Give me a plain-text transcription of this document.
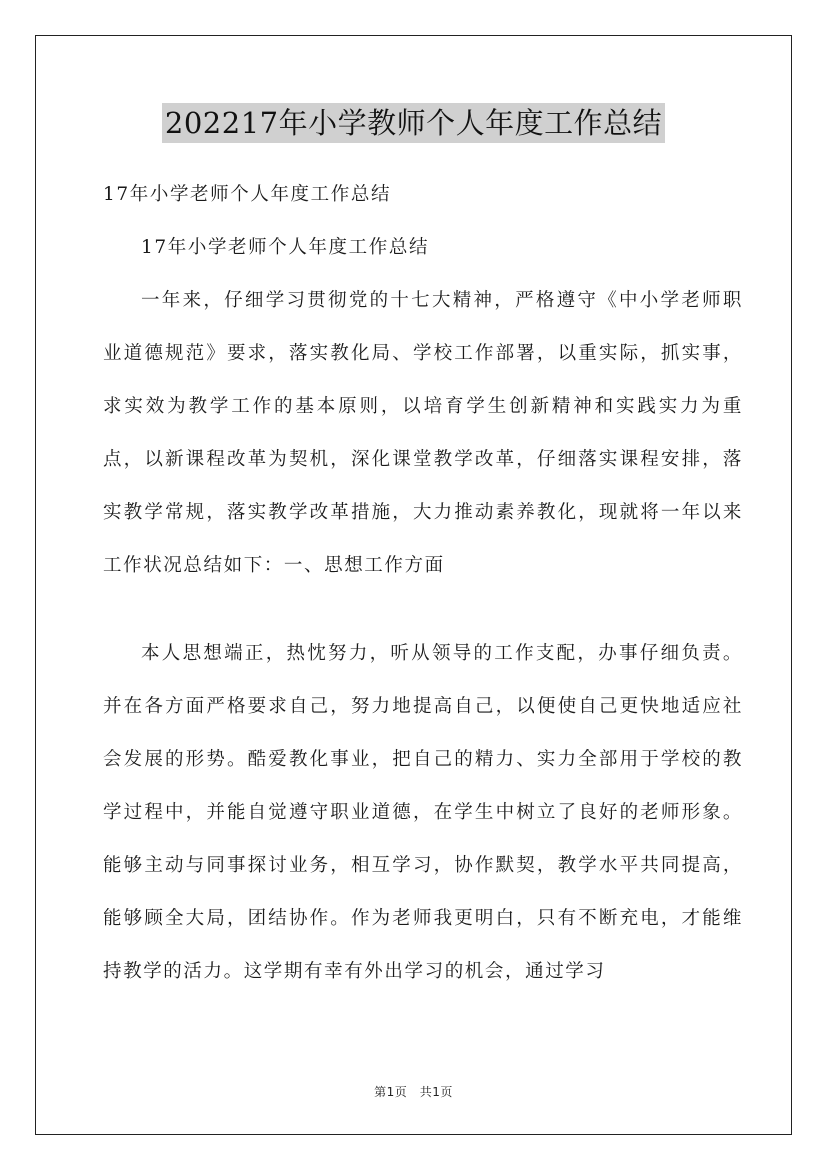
202217年小学教师个人年度工作总结

17年小学老师个人年度工作总结

17年小学老师个人年度工作总结

一年来，仔细学习贯彻党的十七大精神，严格遵守《中小学老师职业道德规范》要求，落实教化局、学校工作部署，以重实际，抓实事，求实效为教学工作的基本原则，以培育学生创新精神和实践实力为重点，以新课程改革为契机，深化课堂教学改革，仔细落实课程安排，落实教学常规，落实教学改革措施，大力推动素养教化，现就将一年以来工作状况总结如下：一、思想工作方面

本人思想端正，热忱努力，听从领导的工作支配，办事仔细负责。并在各方面严格要求自己，努力地提高自己，以便使自己更快地适应社会发展的形势。酷爱教化事业，把自己的精力、实力全部用于学校的教学过程中，并能自觉遵守职业道德，在学生中树立了良好的老师形象。能够主动与同事探讨业务，相互学习，协作默契，教学水平共同提高，能够顾全大局，团结协作。作为老师我更明白，只有不断充电，才能维持教学的活力。这学期有幸有外出学习的机会，通过学习

第1页　共1页
